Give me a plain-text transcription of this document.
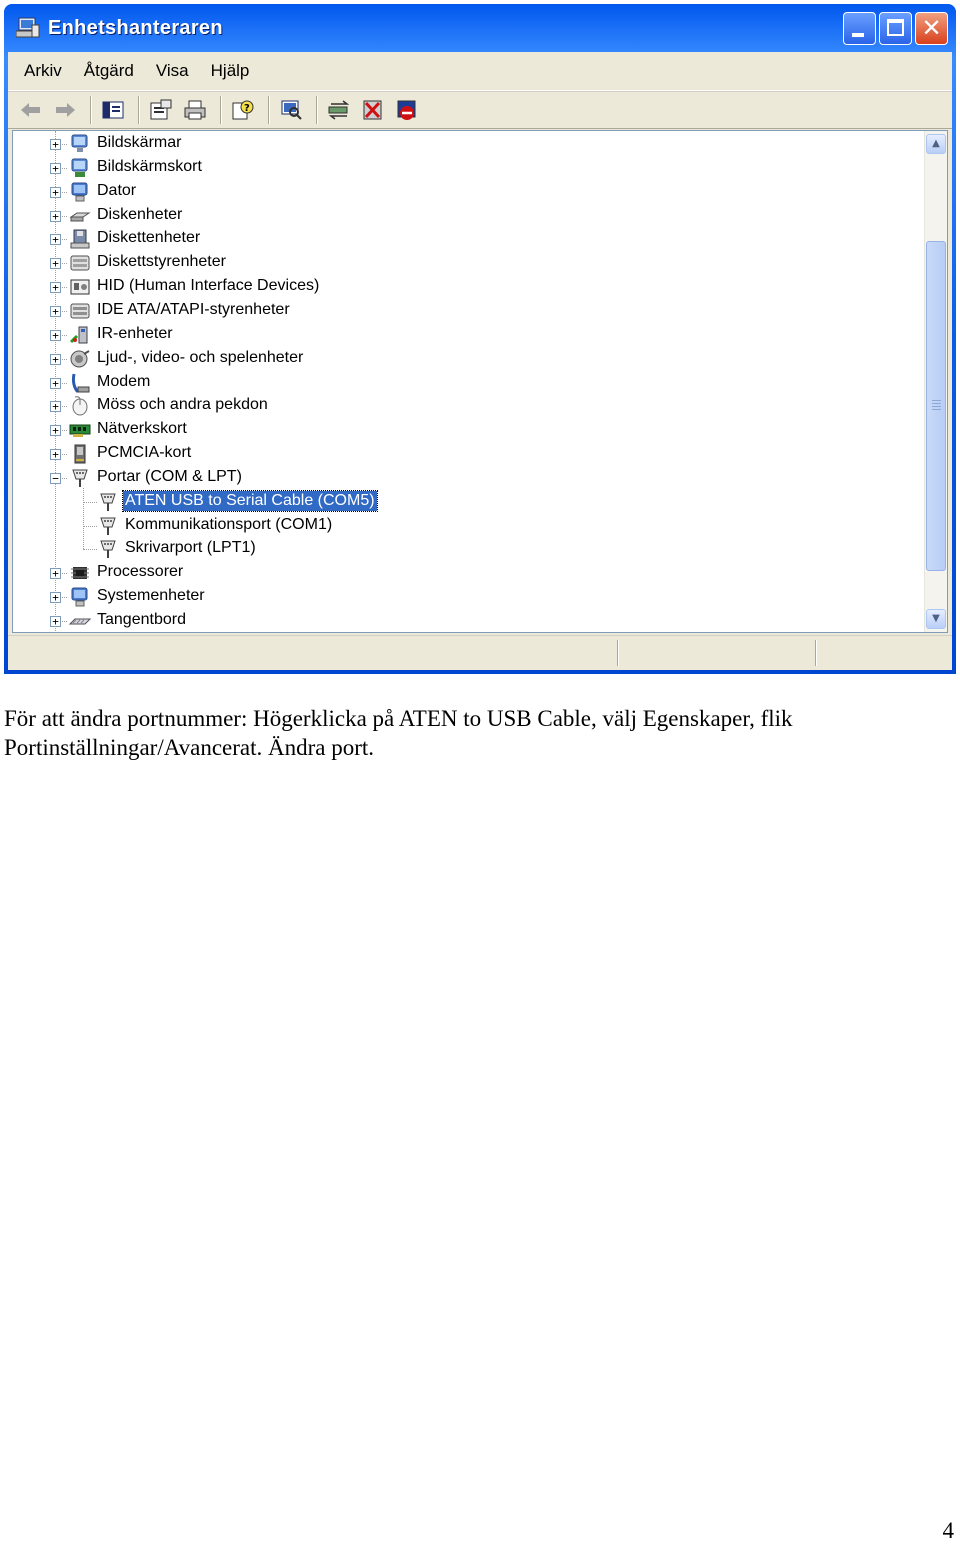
Enhetshanteraren	✕
Arkiv Åtgärd Visa Hjälp
?
▲
▼
+ Bildskärmar
+ Bildskärmskort
+ Dator
+ Diskenheter
+ Diskettenheter
+ Diskettstyrenheter
+ HID (Human Interface Devices)
+ IDE ATA/ATAPI-styrenheter
+ IR-enheter
+ Ljud-, video- och spelenheter
+ Modem
+ Möss och andra pekdon
+ Nätverkskort
+ PCMCIA-kort
− Portar (COM & LPT)
ATEN USB to Serial Cable (COM5)
Kommunikationsport (COM1)
Skrivarport (LPT1)
+ Processorer
+ Systemenheter
+ Tangentbord
För att ändra portnummer: Högerklicka på ATEN to USB Cable, välj Egenskaper, flik Portinställningar/Avancerat. Ändra port.
4
